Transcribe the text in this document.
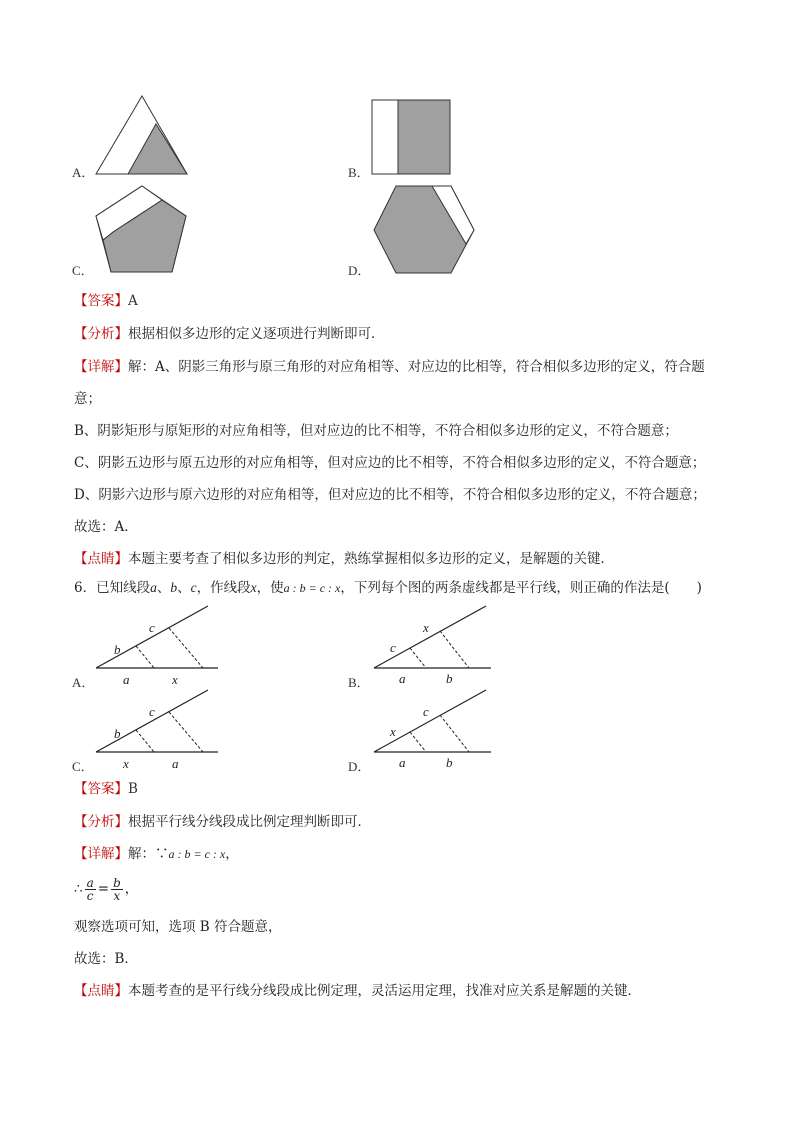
A．	B．
C．	D．
【答案】A
【分析】根据相似多边形的定义逐项进行判断即可．
【详解】解：A、阴影三角形与原三角形的对应角相等、对应边的比相等，符合相似多边形的定义，符合题
意；
B、阴影矩形与原矩形的对应角相等，但对应边的比不相等，不符合相似多边形的定义，不符合题意；
C、阴影五边形与原五边形的对应角相等，但对应边的比不相等，不符合相似多边形的定义，不符合题意；
D、阴影六边形与原六边形的对应角相等，但对应边的比不相等，不符合相似多边形的定义，不符合题意；
故选：A．
【点睛】本题主要考查了相似多边形的判定，熟练掌握相似多边形的定义，是解题的关键．
6．已知线段a、b、c，作线段x，使a : b = c : x，下列每个图的两条虚线都是平行线，则正确的作法是(　　)
A．
b
c
a	x	B．
c
x
a	b
C．
b
c
x	a	D．
x
c
a	b
【答案】B
【分析】根据平行线分线段成比例定理判断即可．
【详解】解：∵a : b = c : x，
∴ $\frac{a}{c} = \frac{b}{x}$ ，
观察选项可知，选项 B 符合题意，
故选：B．
【点睛】本题考查的是平行线分线段成比例定理，灵活运用定理，找准对应关系是解题的关键．
